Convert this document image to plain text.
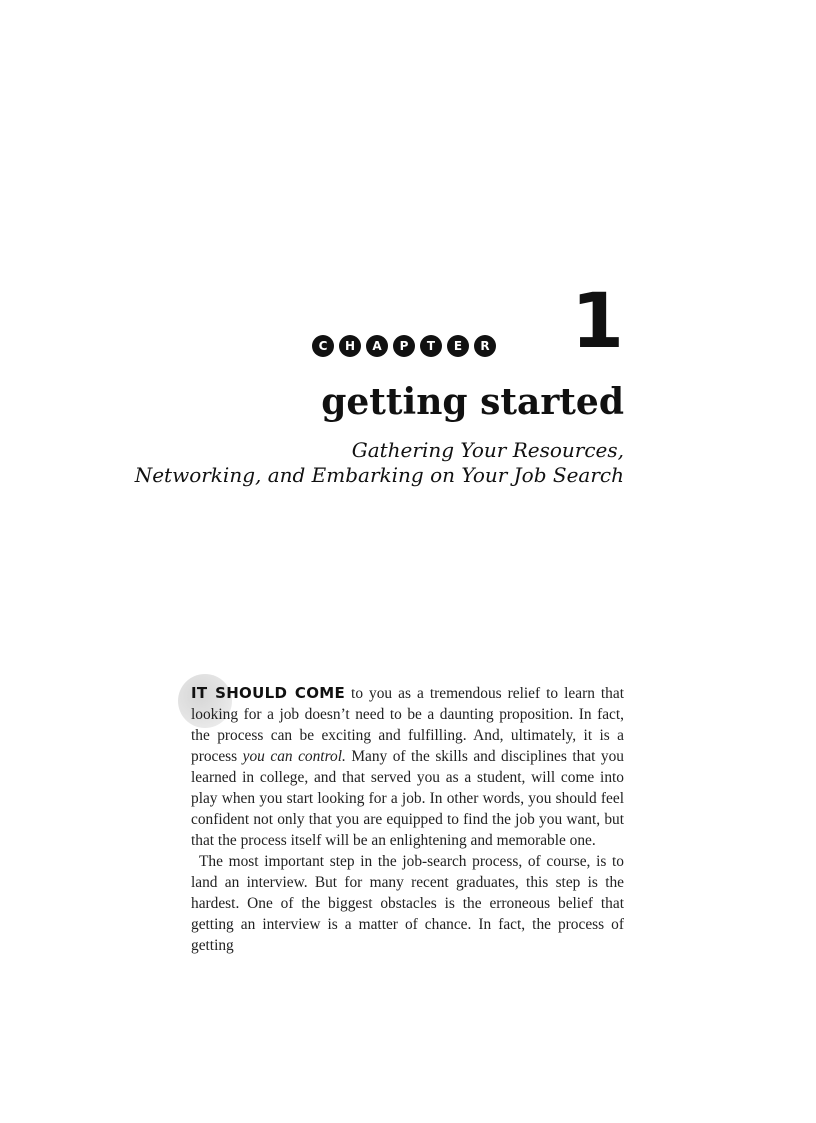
C	H	A	P	T	E	R 1
getting started
Gathering Your Resources,
Networking, and Embarking on Your Job Search

IT SHOULD COME to you as a tremendous relief to learn that looking for a job doesn’t need to be a daunting proposition. In fact, the process can be exciting and fulfilling. And, ultimately, it is a process you can control. Many of the skills and disciplines that you learned in college, and that served you as a student, will come into play when you start looking for a job. In other words, you should feel confident not only that you are equipped to find the job you want, but that the process itself will be an enlightening and memorable one.

The most important step in the job-search process, of course, is to land an interview. But for many recent graduates, this step is the hardest. One of the biggest obstacles is the erroneous belief that getting an interview is a matter of chance. In fact, the process of getting
